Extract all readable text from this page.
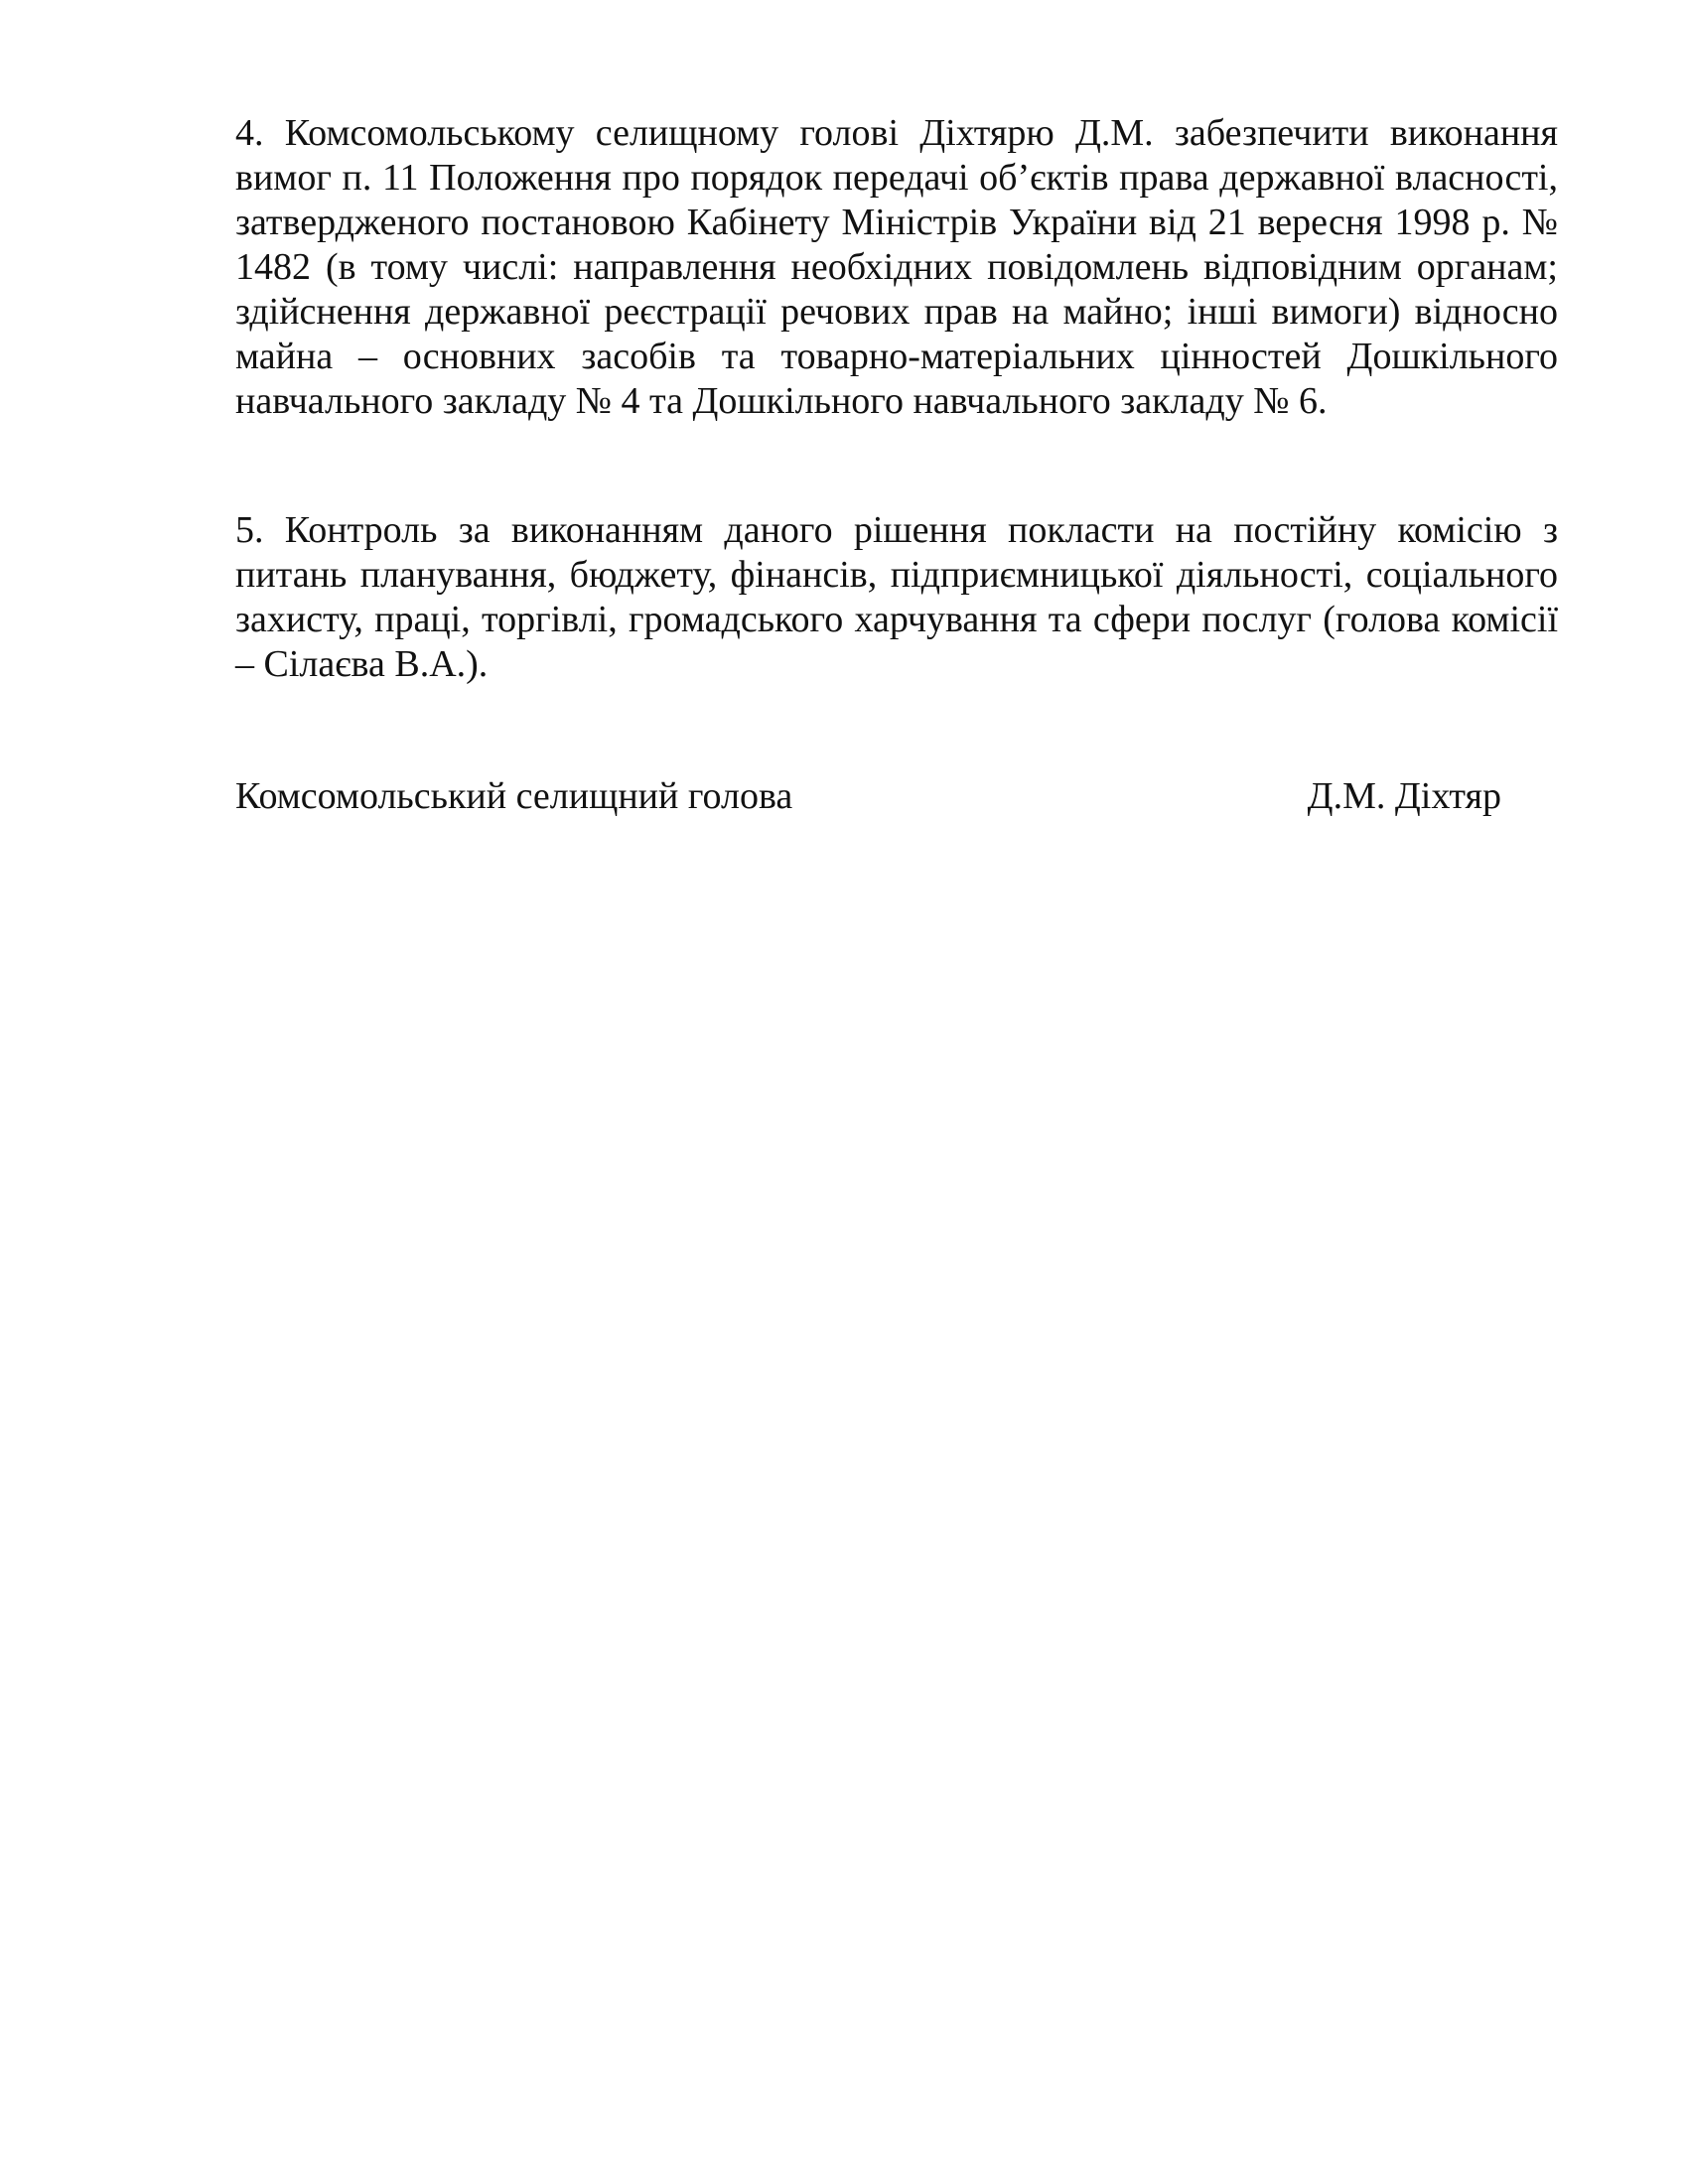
4. Комсомольському селищному голові Діхтярю Д.М. забезпечити виконання вимог п. 11 Положення про порядок передачі об’єктів права державної власності, затвердженого постановою Кабінету Міністрів України від 21 вересня 1998 р. № 1482 (в тому числі: направлення необхідних повідомлень відповідним органам; здійснення державної реєстрації речових прав на майно; інші вимоги) відносно майна – основних засобів та товарно-матеріальних цінностей Дошкільного навчального закладу № 4 та Дошкільного навчального закладу № 6.

5. Контроль за виконанням даного рішення покласти на постійну комісію з питань планування, бюджету, фінансів, підприємницької діяльності, соціального захисту, праці, торгівлі, громадського харчування та сфери послуг (голова комісії – Сілаєва В.А.).

Комсомольський селищний голова	Д.М. Діхтяр
